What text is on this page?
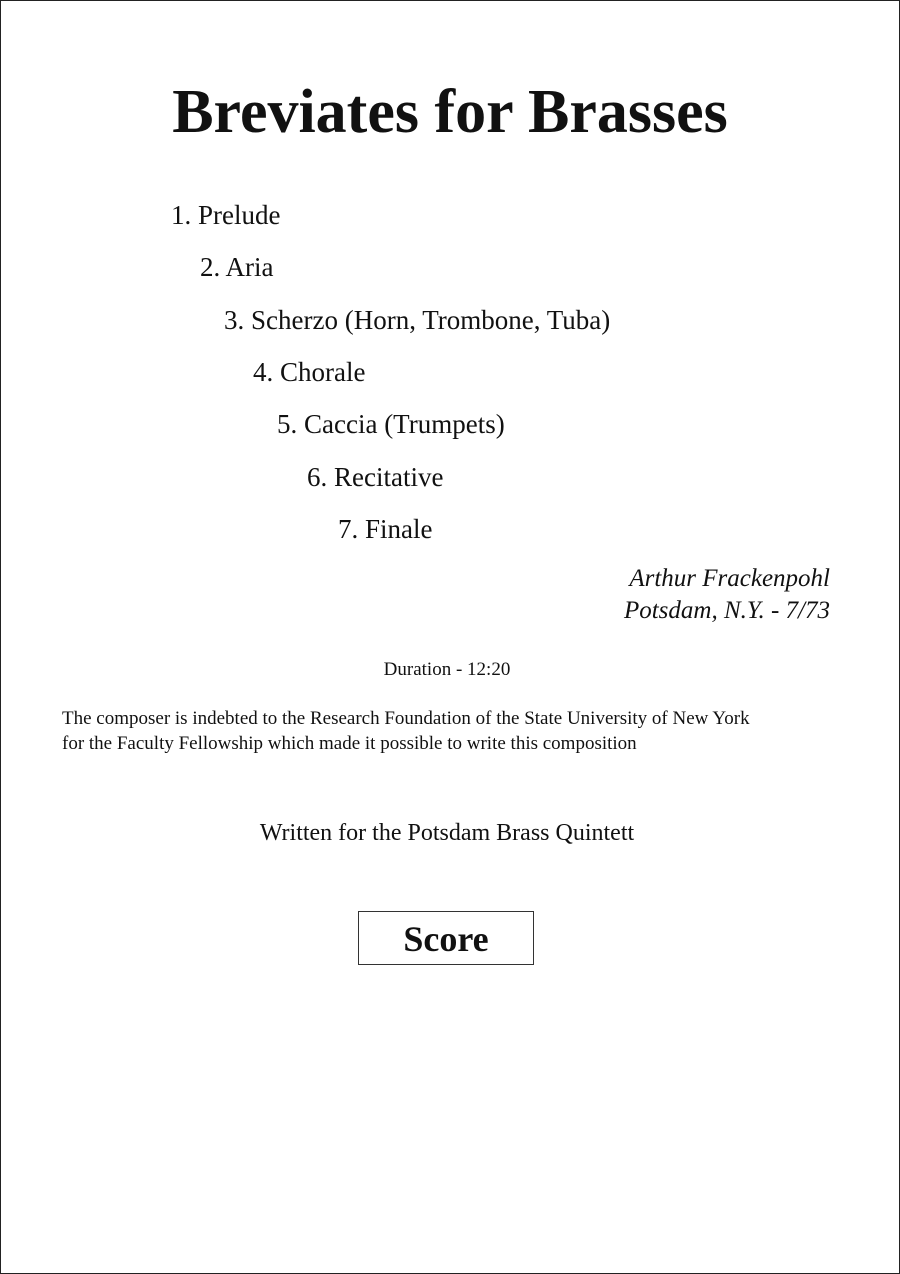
Breviates for Brasses
1. Prelude
2. Aria
3. Scherzo (Horn, Trombone, Tuba)
4. Chorale
5. Caccia (Trumpets)
6. Recitative
7. Finale
Arthur Frackenpohl
Potsdam, N.Y. - 7/73
Duration - 12:20
The composer is indebted to the Research Foundation of the State University of New York
for the Faculty Fellowship which made it possible to write this composition
Written for the Potsdam Brass Quintett
Score
